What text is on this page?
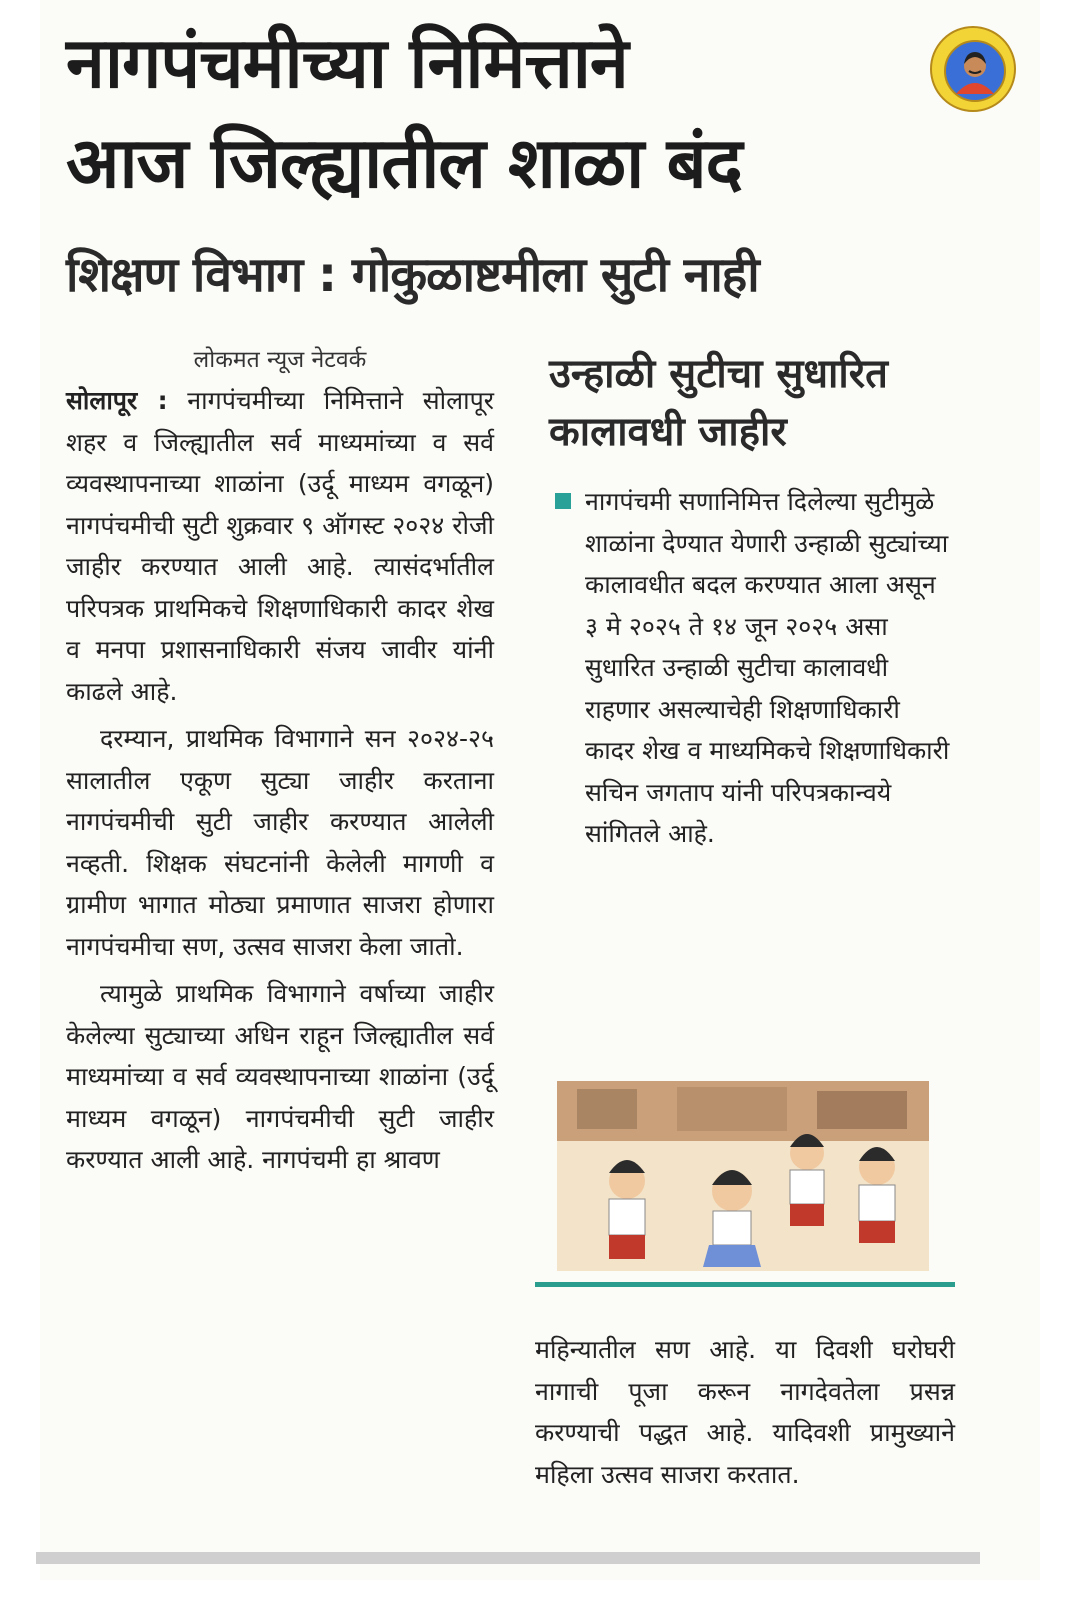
नागपंचमीच्या निमित्ताने
आज जिल्ह्यातील शाळा बंद
शिक्षण विभाग : गोकुळाष्टमीला सुटी नाही
लोकमत न्यूज नेटवर्क

सोलापूर : नागपंचमीच्या निमित्ताने सोलापूर शहर व जिल्ह्यातील सर्व माध्यमांच्या व सर्व व्यवस्थापनाच्या शाळांना (उर्दू माध्यम वगळून) नागपंचमीची सुटी शुक्रवार ९ ऑगस्ट २०२४ रोजी जाहीर करण्यात आली आहे. त्यासंदर्भातील परिपत्रक प्राथमिकचे शिक्षणाधिकारी कादर शेख व मनपा प्रशासनाधिकारी संजय जावीर यांनी काढले आहे.

दरम्यान, प्राथमिक विभागाने सन २०२४-२५ सालातील एकूण सुट्या जाहीर करताना नागपंचमीची सुटी जाहीर करण्यात आलेली नव्हती. शिक्षक संघटनांनी केलेली मागणी व ग्रामीण भागात मोठ्या प्रमाणात साजरा होणारा नागपंचमीचा सण, उत्सव साजरा केला जातो.

त्यामुळे प्राथमिक विभागाने वर्षाच्या जाहीर केलेल्या सुट्याच्या अधिन राहून जिल्ह्यातील सर्व माध्यमांच्या व सर्व व्यवस्थापनाच्या शाळांना (उर्दू माध्यम वगळून) नागपंचमीची सुटी जाहीर करण्यात आली आहे. नागपंचमी हा श्रावण

उन्हाळी सुटीचा सुधारित कालावधी जाहीर
नागपंचमी सणानिमित्त दिलेल्या सुटीमुळे शाळांना देण्यात येणारी उन्हाळी सुट्यांच्या कालावधीत बदल करण्यात आला असून ३ मे २०२५ ते १४ जून २०२५ असा सुधारित उन्हाळी सुटीचा कालावधी राहणार असल्याचेही शिक्षणाधिकारी कादर शेख व माध्यमिकचे शिक्षणाधिकारी सचिन जगताप यांनी परिपत्रकान्वये सांगितले आहे.

महिन्यातील सण आहे. या दिवशी घरोघरी नागाची पूजा करून नागदेवतेला प्रसन्न करण्याची पद्धत आहे. यादिवशी प्रामुख्याने महिला उत्सव साजरा करतात.
